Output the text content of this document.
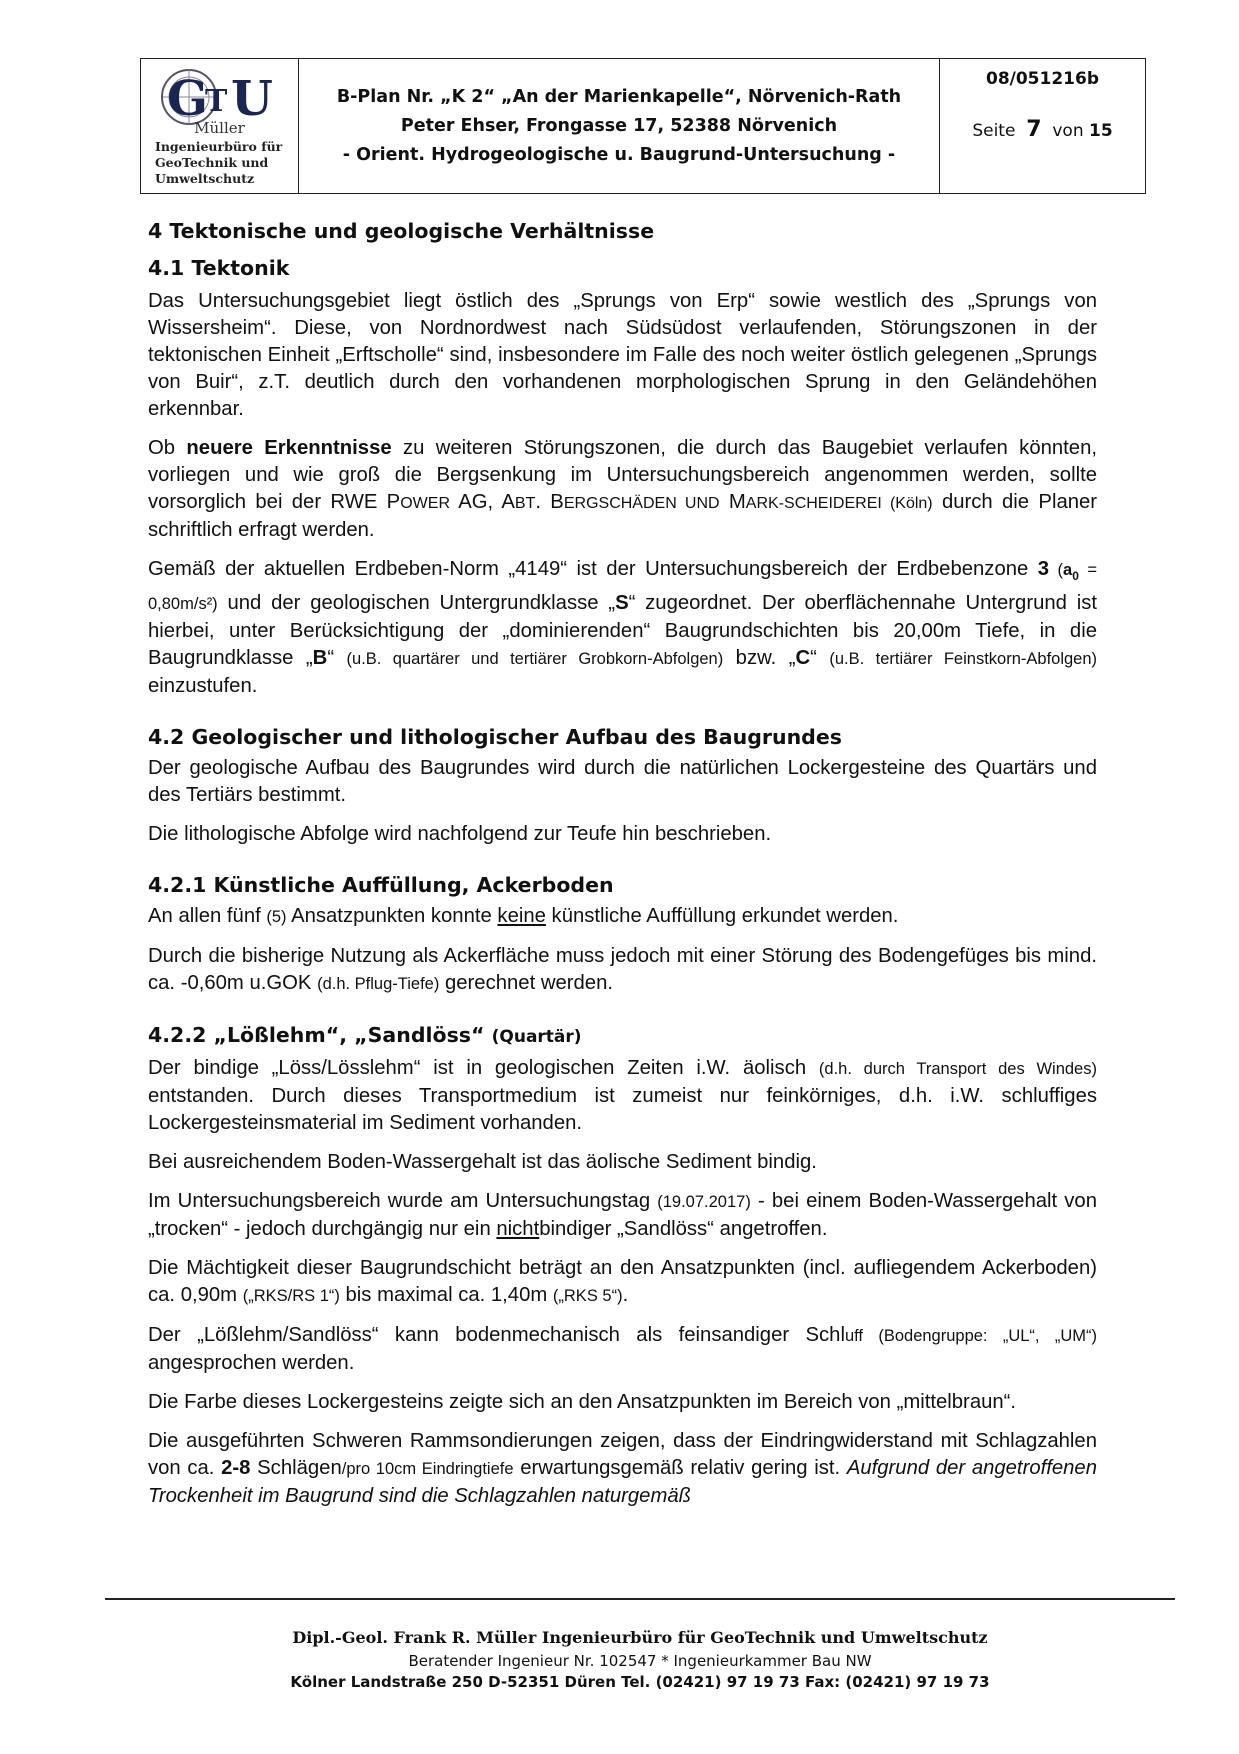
G
T U
Müller
Ingenieurbüro für
GeoTechnik und
Umweltschutz
B-Plan Nr. „K 2“ „An der Marienkapelle“, Nörvenich-Rath
Peter Ehser, Frongasse 17, 52388 Nörvenich
- Orient. Hydrogeologische u. Baugrund-Untersuchung -
08/051216b
Seite 7 von 15
4 Tektonische und geologische Verhältnisse
4.1 Tektonik

Das Untersuchungsgebiet liegt östlich des „Sprungs von Erp“ sowie westlich des „Sprungs von Wissersheim“. Diese, von Nordnordwest nach Südsüdost verlaufenden, Störungszonen in der tektonischen Einheit „Erftscholle“ sind, insbesondere im Falle des noch weiter östlich gelegenen „Sprungs von Buir“, z.T. deutlich durch den vorhandenen morphologischen Sprung in den Geländehöhen erkennbar.

Ob neuere Erkenntnisse zu weiteren Störungszonen, die durch das Baugebiet verlaufen könnten, vorliegen und wie groß die Bergsenkung im Untersuchungsbereich angenommen werden, sollte vorsorglich bei der RWE POWER AG, ABT. BERGSCHÄDEN UND MARK-SCHEIDEREI (Köln) durch die Planer schriftlich erfragt werden.

Gemäß der aktuellen Erdbeben-Norm „4149“ ist der Untersuchungsbereich der Erdbebenzone 3 $(a_0 = 0,80m/s^2)$ und der geologischen Untergrundklasse „S“ zugeordnet. Der oberflächennahe Untergrund ist hierbei, unter Berücksichtigung der „dominierenden“ Baugrundschichten bis 20,00m Tiefe, in die Baugrundklasse „B“ (u.B. quartärer und tertiärer Grobkorn-Abfolgen) bzw. „C“ (u.B. tertiärer Feinstkorn-Abfolgen) einzustufen.

4.2 Geologischer und lithologischer Aufbau des Baugrundes

Der geologische Aufbau des Baugrundes wird durch die natürlichen Lockergesteine des Quartärs und des Tertiärs bestimmt.

Die lithologische Abfolge wird nachfolgend zur Teufe hin beschrieben.

4.2.1 Künstliche Auffüllung, Ackerboden

An allen fünf (5) Ansatzpunkten konnte keine künstliche Auffüllung erkundet werden.

Durch die bisherige Nutzung als Ackerfläche muss jedoch mit einer Störung des Bodengefüges bis mind. ca. -0,60m u.GOK (d.h. Pflug-Tiefe) gerechnet werden.

4.2.2 „Lößlehm“, „Sandlöss“ (Quartär)

Der bindige „Löss/Lösslehm“ ist in geologischen Zeiten i.W. äolisch (d.h. durch Transport des Windes) entstanden. Durch dieses Transportmedium ist zumeist nur feinkörniges, d.h. i.W. schluffiges Lockergesteinsmaterial im Sediment vorhanden.

Bei ausreichendem Boden-Wassergehalt ist das äolische Sediment bindig.

Im Untersuchungsbereich wurde am Untersuchungstag (19.07.2017) - bei einem Boden-Wassergehalt von „trocken“ - jedoch durchgängig nur ein nichtbindiger „Sandlöss“ angetroffen.

Die Mächtigkeit dieser Baugrundschicht beträgt an den Ansatzpunkten (incl. aufliegendem Ackerboden) ca. 0,90m („RKS/RS 1“) bis maximal ca. 1,40m („RKS 5“).

Der „Lößlehm/Sandlöss“ kann bodenmechanisch als feinsandiger Schluff (Bodengruppe: „UL“, „UM“) angesprochen werden.

Die Farbe dieses Lockergesteins zeigte sich an den Ansatzpunkten im Bereich von „mittelbraun“.

Die ausgeführten Schweren Rammsondierungen zeigen, dass der Eindringwiderstand mit Schlagzahlen von ca. 2-8 Schlägen/pro 10cm Eindringtiefe erwartungsgemäß relativ gering ist. Aufgrund der angetroffenen Trockenheit im Baugrund sind die Schlagzahlen naturgemäß

Dipl.-Geol. Frank R. Müller Ingenieurbüro für GeoTechnik und Umweltschutz
Beratender Ingenieur Nr. 102547 * Ingenieurkammer Bau NW
Kölner Landstraße 250 D-52351 Düren Tel. (02421) 97 19 73 Fax: (02421) 97 19 73
